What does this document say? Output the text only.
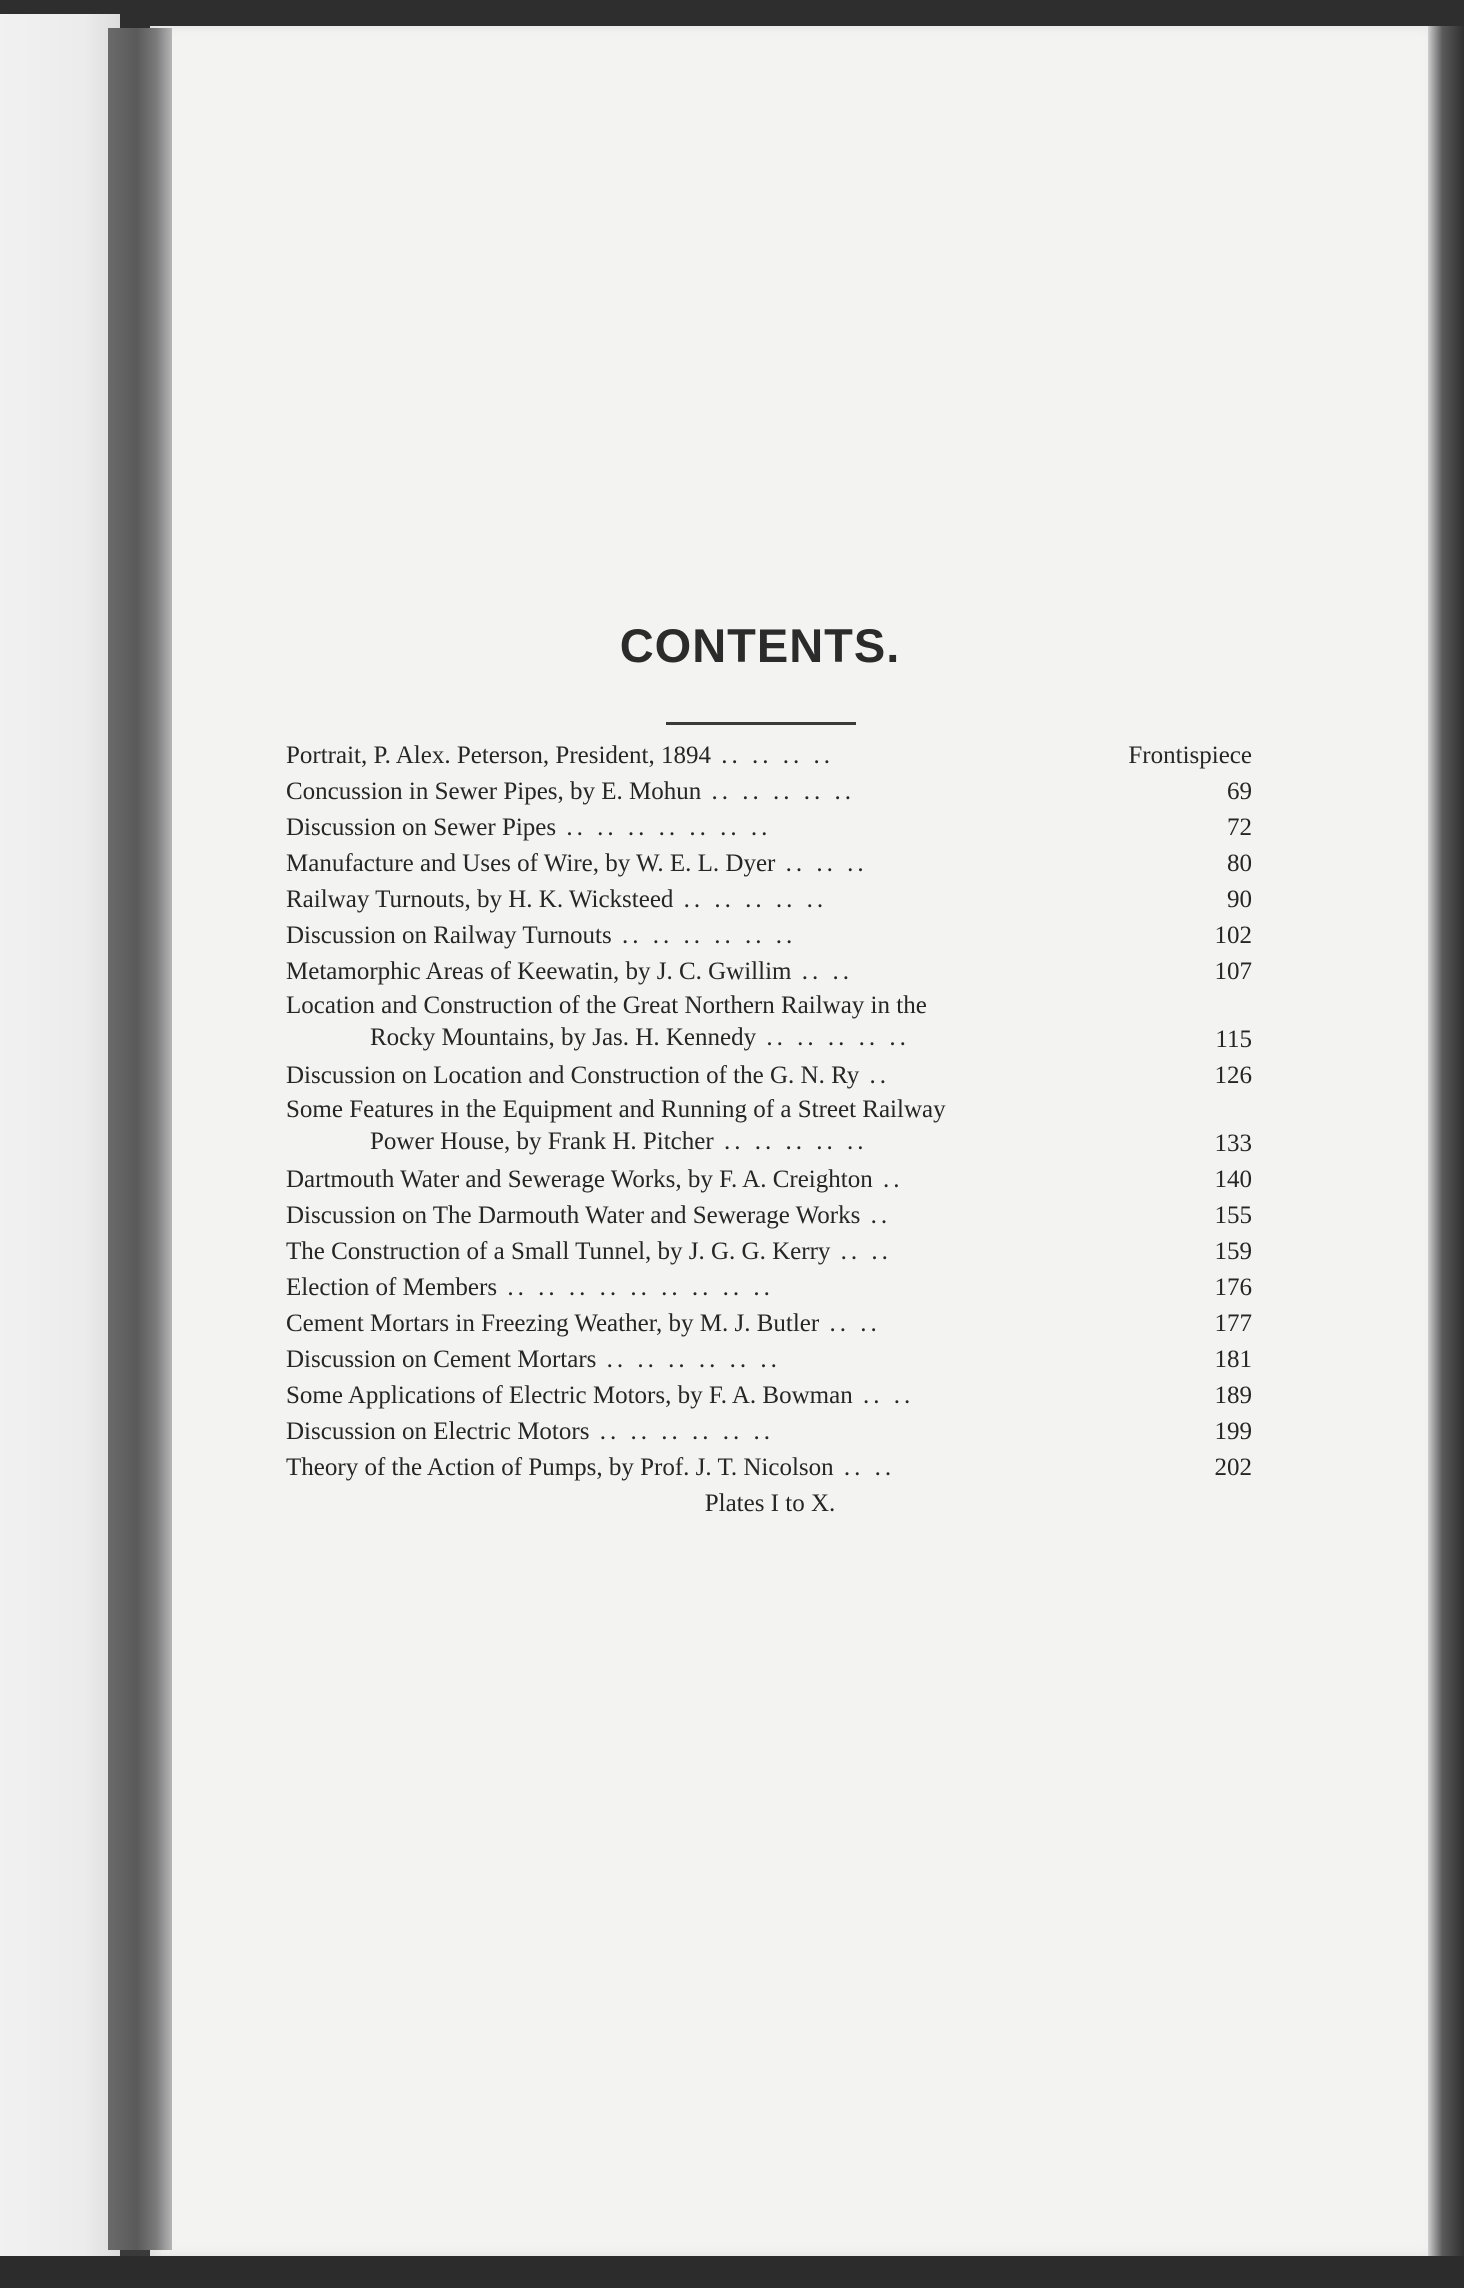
CONTENTS.
Portrait, P. Alex. Peterson, President, 1894 .. .. .. ..	Frontispiece
Concussion in Sewer Pipes, by E. Mohun .. .. .. .. ..	69
Discussion on Sewer Pipes .. .. .. .. .. .. ..	72
Manufacture and Uses of Wire, by W. E. L. Dyer .. .. ..	80
Railway Turnouts, by H. K. Wicksteed .. .. .. .. ..	90
Discussion on Railway Turnouts .. .. .. .. .. ..	102
Metamorphic Areas of Keewatin, by J. C. Gwillim .. ..	107
Location and Construction of the Great Northern Railway in the
Rocky Mountains, by Jas. H. Kennedy .. .. .. .. ..	115
Discussion on Location and Construction of the G. N. Ry ..	126
Some Features in the Equipment and Running of a Street Railway
Power House, by Frank H. Pitcher .. .. .. .. ..	133
Dartmouth Water and Sewerage Works, by F. A. Creighton ..	140
Discussion on The Darmouth Water and Sewerage Works ..	155
The Construction of a Small Tunnel, by J. G. G. Kerry .. ..	159
Election of Members .. .. .. .. .. .. .. .. ..	176
Cement Mortars in Freezing Weather, by M. J. Butler .. ..	177
Discussion on Cement Mortars .. .. .. .. .. ..	181
Some Applications of Electric Motors, by F. A. Bowman .. ..	189
Discussion on Electric Motors .. .. .. .. .. ..	199
Theory of the Action of Pumps, by Prof. J. T. Nicolson .. ..	202
Plates I to X.
